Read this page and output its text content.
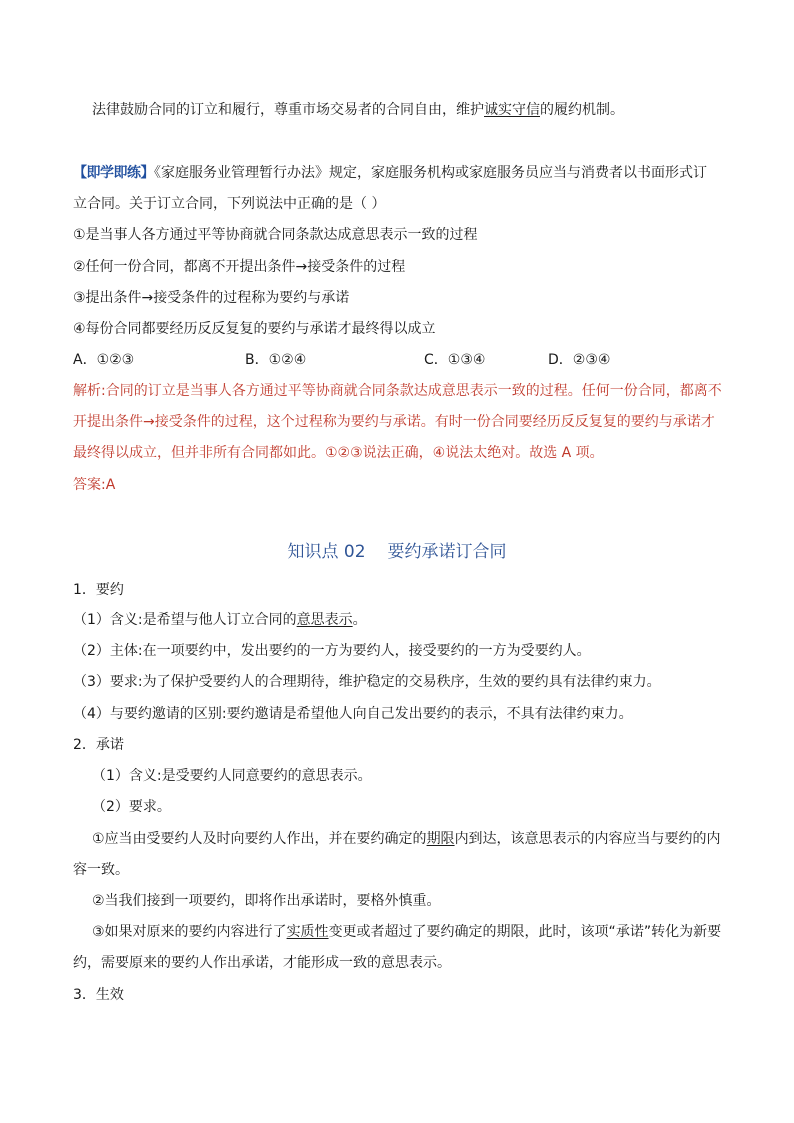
法律鼓励合同的订立和履行，尊重市场交易者的合同自由，维护诚实守信的履约机制。
【即学即练】《家庭服务业管理暂行办法》规定，家庭服务机构或家庭服务员应当与消费者以书面形式订
立合同。关于订立合同，下列说法中正确的是（ ）
①是当事人各方通过平等协商就合同条款达成意思表示一致的过程
②任何一份合同，都离不开提出条件→接受条件的过程
③提出条件→接受条件的过程称为要约与承诺
④每份合同都要经历反反复复的要约与承诺才最终得以成立
A．①②③	B．①②④	C．①③④	D．②③④
解析:合同的订立是当事人各方通过平等协商就合同条款达成意思表示一致的过程。任何一份合同，都离不
开提出条件→接受条件的过程，这个过程称为要约与承诺。有时一份合同要经历反反复复的要约与承诺才
最终得以成立，但并非所有合同都如此。①②③说法正确，④说法太绝对。故选 A 项。
答案:A
知识点 02 要约承诺订合同
1．要约
（1）含义:是希望与他人订立合同的意思表示。
（2）主体:在一项要约中，发出要约的一方为要约人，接受要约的一方为受要约人。
（3）要求:为了保护受要约人的合理期待，维护稳定的交易秩序，生效的要约具有法律约束力。
（4）与要约邀请的区别:要约邀请是希望他人向自己发出要约的表示，不具有法律约束力。
2．承诺
（1）含义:是受要约人同意要约的意思表示。
（2）要求。
①应当由受要约人及时向要约人作出，并在要约确定的期限内到达，该意思表示的内容应当与要约的内
容一致。
②当我们接到一项要约，即将作出承诺时，要格外慎重。
③如果对原来的要约内容进行了实质性变更或者超过了要约确定的期限，此时，该项“承诺”转化为新要
约，需要原来的要约人作出承诺，才能形成一致的意思表示。
3．生效
